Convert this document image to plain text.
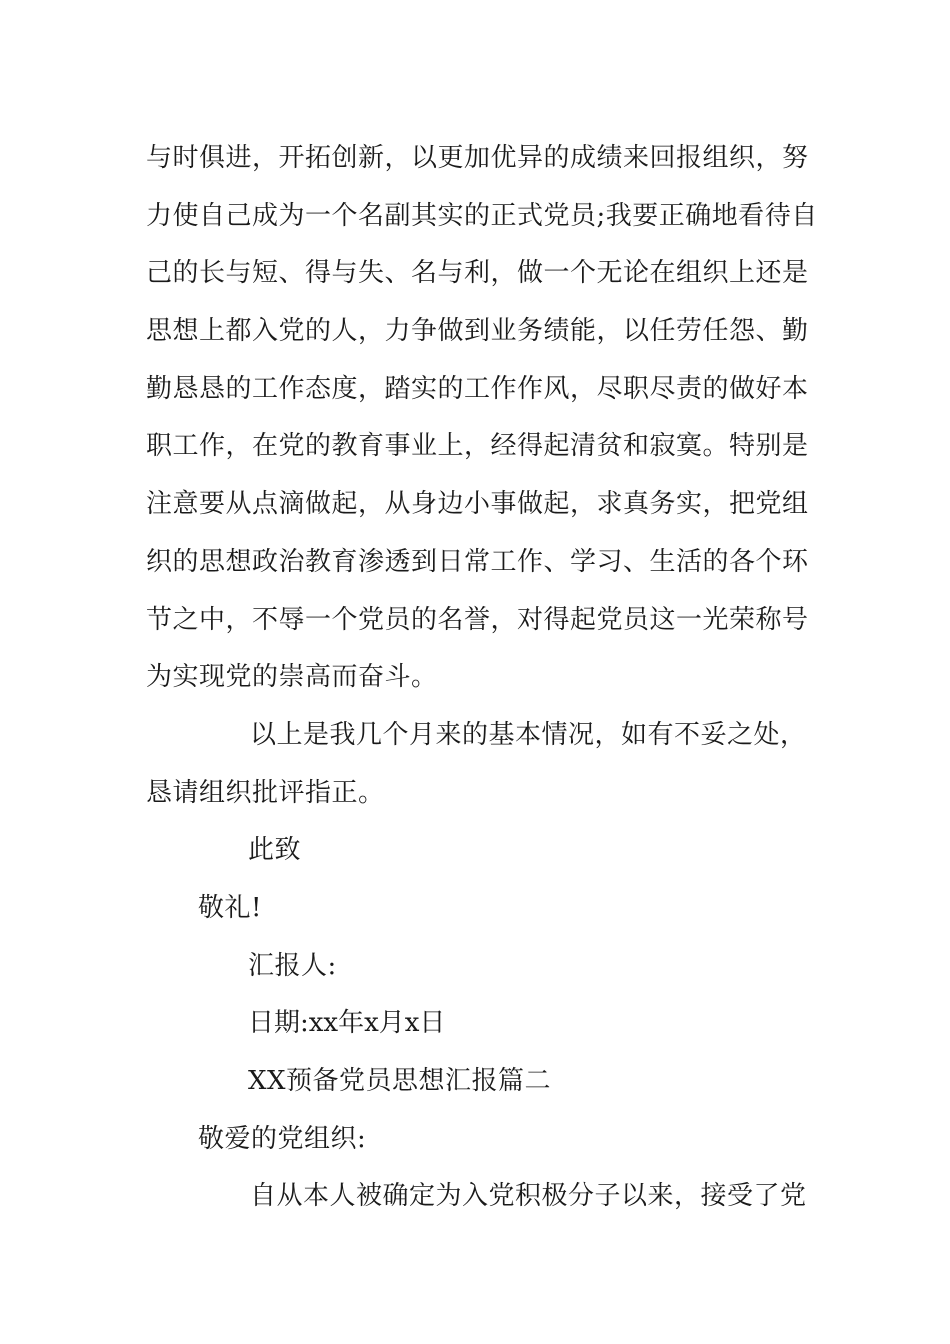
与时俱进，开拓创新，以更加优异的成绩来回报组织，努
力使自己成为一个名副其实的正式党员;我要正确地看待自
己的长与短、得与失、名与利，做一个无论在组织上还是
思想上都入党的人，力争做到业务绩能，以任劳任怨、勤
勤恳恳的工作态度，踏实的工作作风，尽职尽责的做好本
职工作，在党的教育事业上，经得起清贫和寂寞。特别是
注意要从点滴做起，从身边小事做起，求真务实，把党组
织的思想政治教育渗透到日常工作、学习、生活的各个环
节之中，不辱一个党员的名誉，对得起党员这一光荣称号
为实现党的崇高而奋斗。
以上是我几个月来的基本情况，如有不妥之处，
恳请组织批评指正。
此致
敬礼!
汇报人:
日期:xx年x月x日
XX预备党员思想汇报篇二
敬爱的党组织:
自从本人被确定为入党积极分子以来，接受了党
